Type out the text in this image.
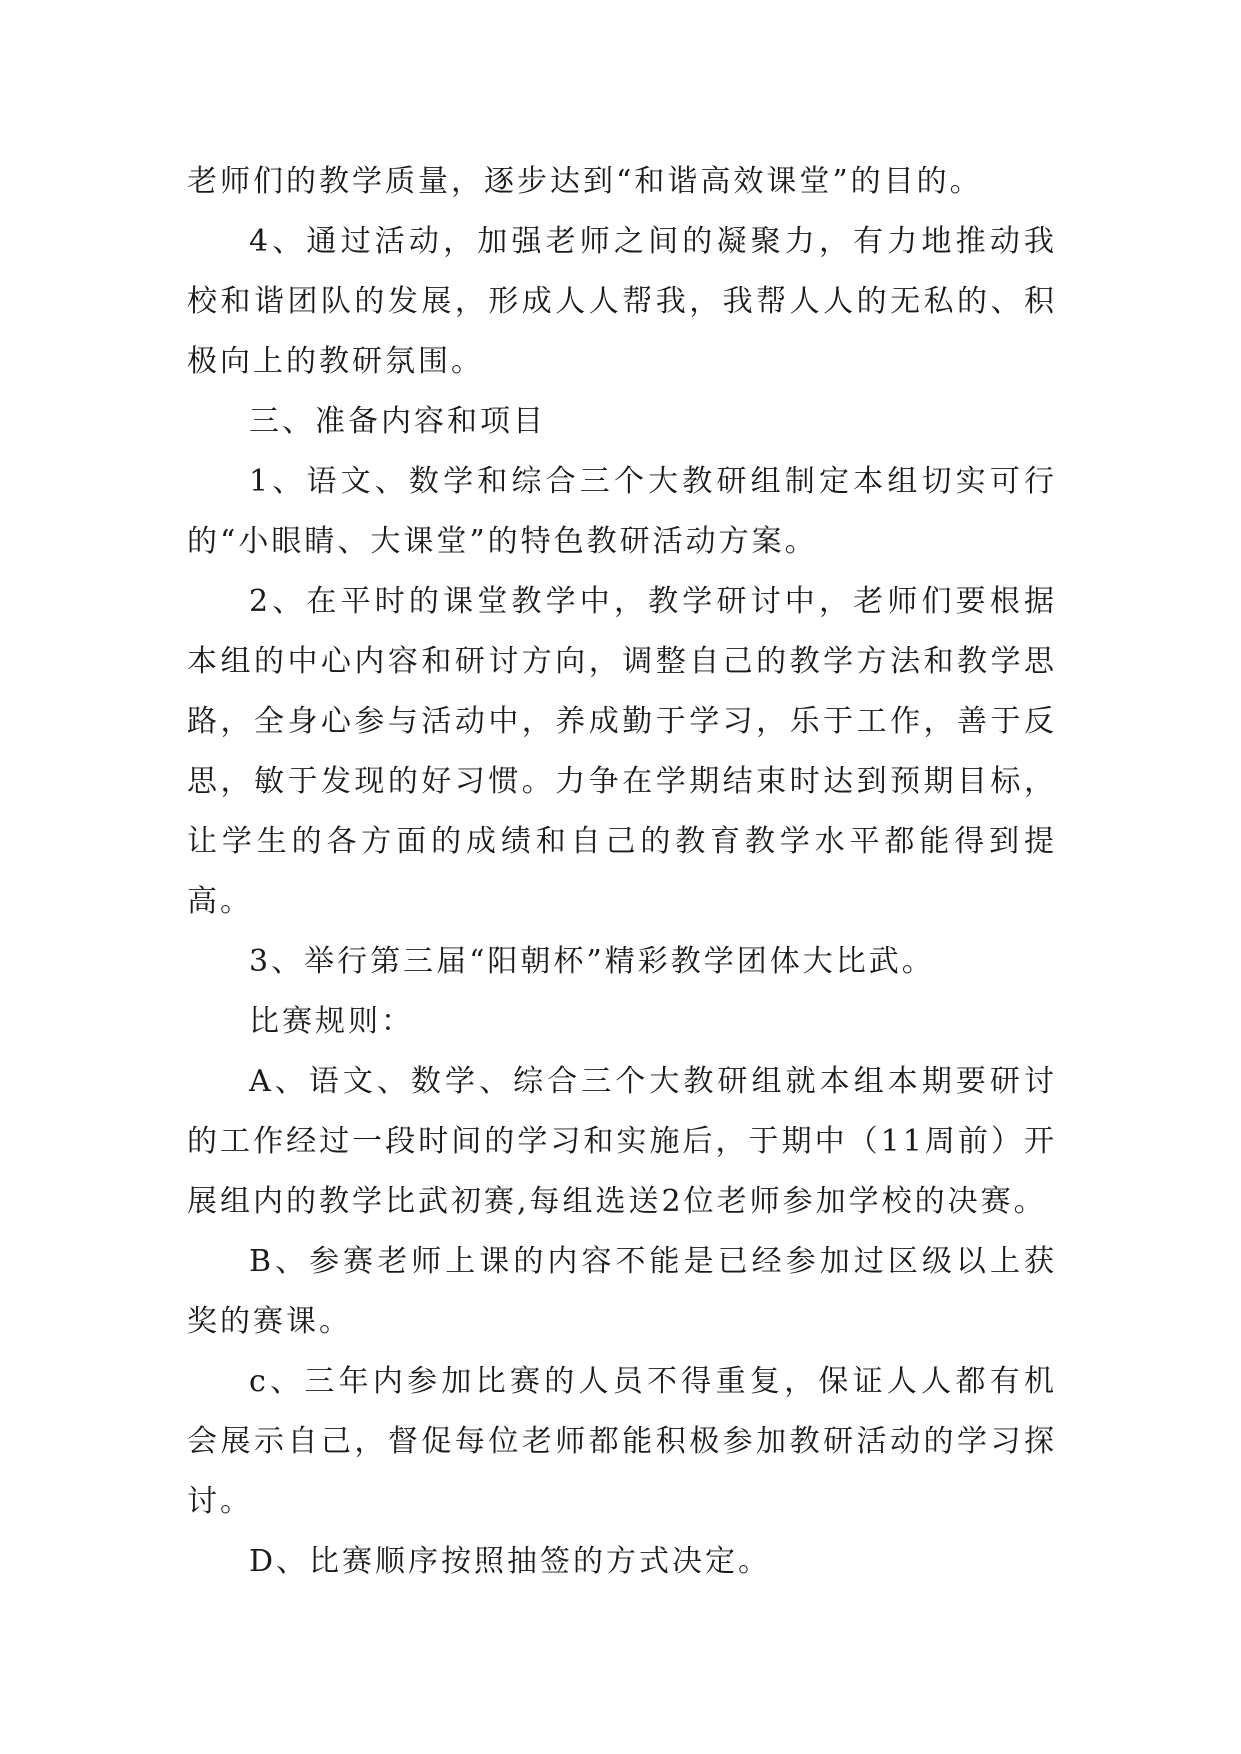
老师们的教学质量，逐步达到“和谐高效课堂”的目的。

4、通过活动，加强老师之间的凝聚力，有力地推动我校和谐团队的发展，形成人人帮我，我帮人人的无私的、积极向上的教研氛围。

三、准备内容和项目

1、语文、数学和综合三个大教研组制定本组切实可行的“小眼睛、大课堂”的特色教研活动方案。

2、在平时的课堂教学中，教学研讨中，老师们要根据本组的中心内容和研讨方向，调整自己的教学方法和教学思路，全身心参与活动中，养成勤于学习，乐于工作，善于反思，敏于发现的好习惯。力争在学期结束时达到预期目标，让学生的各方面的成绩和自己的教育教学水平都能得到提高。

3、举行第三届“阳朝杯”精彩教学团体大比武。

比赛规则：

A、语文、数学、综合三个大教研组就本组本期要研讨的工作经过一段时间的学习和实施后，于期中（11周前）开展组内的教学比武初赛,每组选送2位老师参加学校的决赛。

B、参赛老师上课的内容不能是已经参加过区级以上获奖的赛课。

c、三年内参加比赛的人员不得重复，保证人人都有机会展示自己，督促每位老师都能积极参加教研活动的学习探讨。

D、比赛顺序按照抽签的方式决定。
